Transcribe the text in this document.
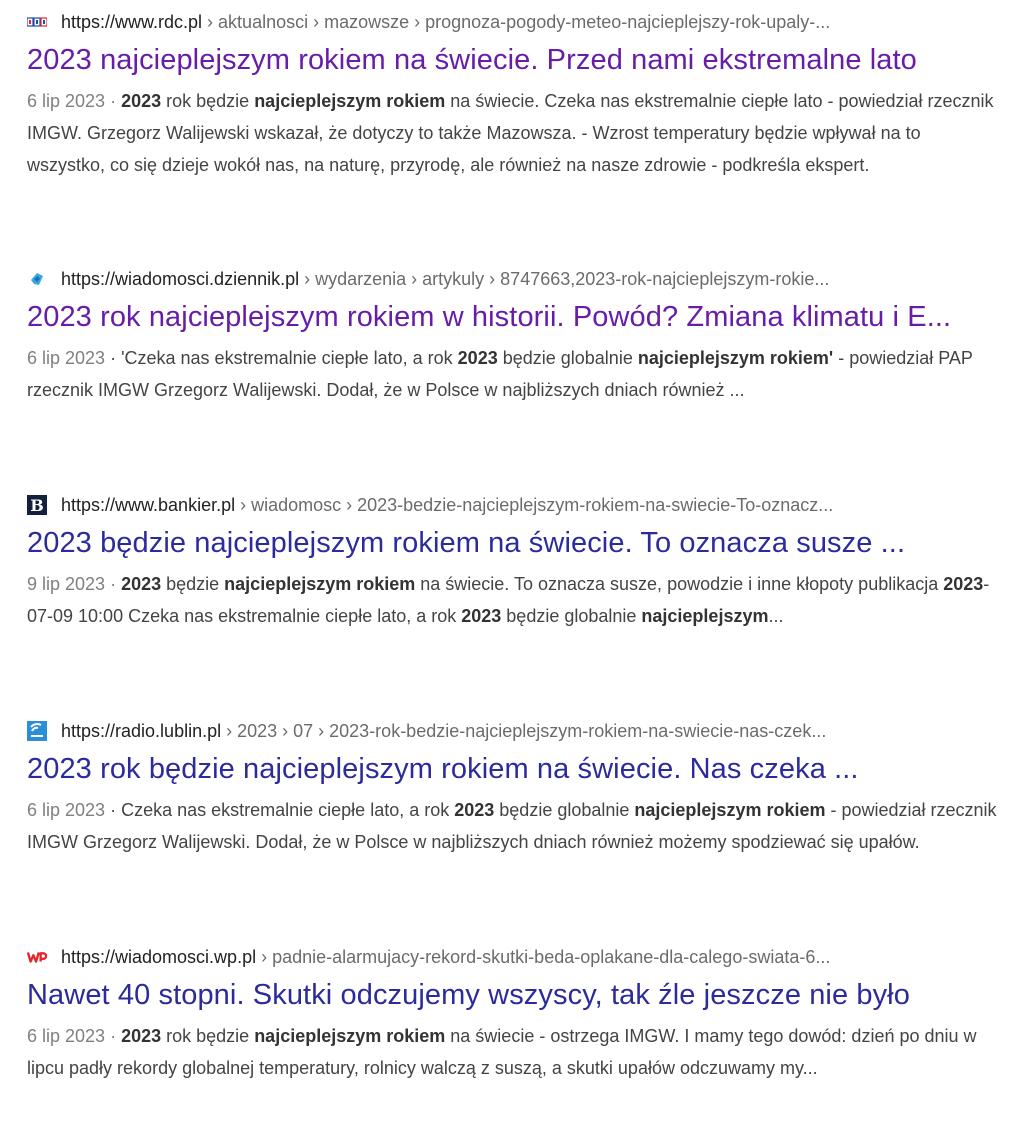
https://www.rdc.pl › aktualnosci › mazowsze › prognoza-pogody-meteo-najcieplejszy-rok-upaly-...
2023 najcieplejszym rokiem na świecie. Przed nami ekstremalne lato
6 lip 2023 · 2023 rok będzie najcieplejszym rokiem na świecie. Czeka nas ekstremalnie ciepłe lato - powiedział rzecznik IMGW. Grzegorz Walijewski wskazał, że dotyczy to także Mazowsza. - Wzrost temperatury będzie wpływał na to wszystko, co się dzieje wokół nas, na naturę, przyrodę, ale również na nasze zdrowie - podkreśla ekspert.
https://wiadomosci.dziennik.pl › wydarzenia › artykuly › 8747663,2023-rok-najcieplejszym-rokie...
2023 rok najcieplejszym rokiem w historii. Powód? Zmiana klimatu i E...
6 lip 2023 · 'Czeka nas ekstremalnie ciepłe lato, a rok 2023 będzie globalnie najcieplejszym rokiem' - powiedział PAP rzecznik IMGW Grzegorz Walijewski. Dodał, że w Polsce w najbliższych dniach również ...
B https://www.bankier.pl › wiadomosc › 2023-bedzie-najcieplejszym-rokiem-na-swiecie-To-oznacz...
2023 będzie najcieplejszym rokiem na świecie. To oznacza susze ...
9 lip 2023 · 2023 będzie najcieplejszym rokiem na świecie. To oznacza susze, powodzie i inne kłopoty publikacja 2023-07-09 10:00 Czeka nas ekstremalnie ciepłe lato, a rok 2023 będzie globalnie najcieplejszym...
https://radio.lublin.pl › 2023 › 07 › 2023-rok-bedzie-najcieplejszym-rokiem-na-swiecie-nas-czek...
2023 rok będzie najcieplejszym rokiem na świecie. Nas czeka ...
6 lip 2023 · Czeka nas ekstremalnie ciepłe lato, a rok 2023 będzie globalnie najcieplejszym rokiem - powiedział rzecznik IMGW Grzegorz Walijewski. Dodał, że w Polsce w najbliższych dniach również możemy spodziewać się upałów.
https://wiadomosci.wp.pl › padnie-alarmujacy-rekord-skutki-beda-oplakane-dla-calego-swiata-6...
Nawet 40 stopni. Skutki odczujemy wszyscy, tak źle jeszcze nie było
6 lip 2023 · 2023 rok będzie najcieplejszym rokiem na świecie - ostrzega IMGW. I mamy tego dowód: dzień po dniu w lipcu padły rekordy globalnej temperatury, rolnicy walczą z suszą, a skutki upałów odczuwamy my...
